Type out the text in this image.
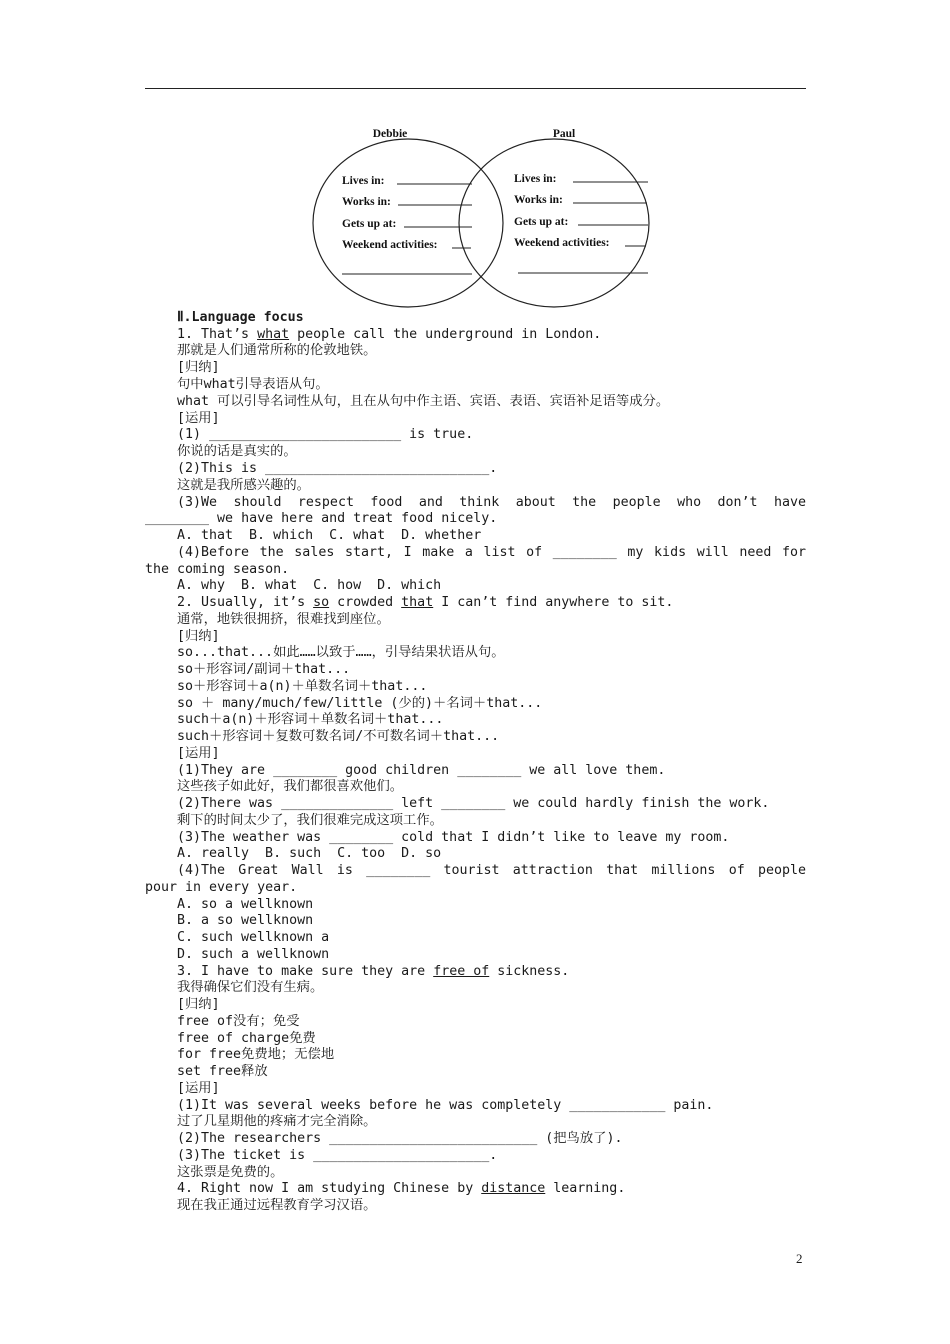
Debbie	Paul
Lives in:
Works in:
Gets up at:
Weekend activities:
Lives in:
Works in:
Gets up at:
Weekend activities:
Ⅱ.Language focus
1. That’s what people call the underground in London.
那就是人们通常所称的伦敦地铁。
[归纳]
句中what引导表语从句。
what 可以引导名词性从句，且在从句中作主语、宾语、表语、宾语补足语等成分。
[运用]
(1) ________________________ is true.
你说的话是真实的。
(2)This is ____________________________.
这就是我所感兴趣的。
(3)We should respect food and think about the people who don’t have
________ we have here and treat food nicely.
A. that  B. which  C. what  D. whether
(4)Before the sales start, I make a list of ________ my kids will need for
the coming season.
A. why  B. what  C. how  D. which
2. Usually, it’s so crowded that I can’t find anywhere to sit.
通常，地铁很拥挤，很难找到座位。
[归纳]
so...that...如此……以致于……，引导结果状语从句。
so＋形容词/副词＋that...
so＋形容词＋a(n)＋单数名词＋that...
so ＋ many/much/few/little (少的)＋名词＋that...
such＋a(n)＋形容词＋单数名词＋that...
such＋形容词＋复数可数名词/不可数名词＋that...
[运用]
(1)They are ________ good children ________ we all love them.
这些孩子如此好，我们都很喜欢他们。
(2)There was ______________ left ________ we could hardly finish the work.
剩下的时间太少了，我们很难完成这项工作。
(3)The weather was ________ cold that I didn’t like to leave my room.
A. really  B. such  C. too  D. so
(4)The Great Wall is ________ tourist attraction that millions of people
pour in every year.
A. so a wellknown
B. a so wellknown
C. such wellknown a
D. such a wellknown
3. I have to make sure they are free of sickness.
我得确保它们没有生病。
[归纳]
free of没有；免受
free of charge免费
for free免费地；无偿地
set free释放
[运用]
(1)It was several weeks before he was completely ____________ pain.
过了几星期他的疼痛才完全消除。
(2)The researchers __________________________ (把鸟放了).
(3)The ticket is ______________________.
这张票是免费的。
4. Right now I am studying Chinese by distance learning.
现在我正通过远程教育学习汉语。
2
